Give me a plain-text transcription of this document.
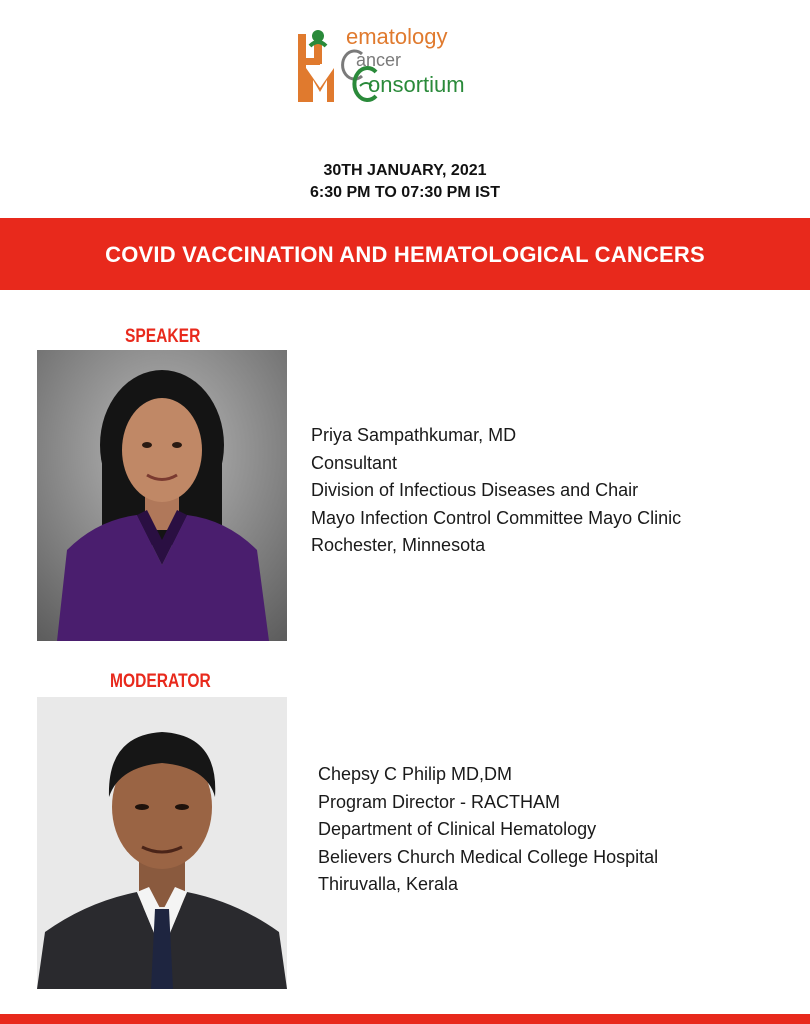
ematology
ancer
onsortium
30TH JANUARY, 2021
6:30 PM TO 07:30 PM IST
COVID VACCINATION AND HEMATOLOGICAL CANCERS
SPEAKER
Priya Sampathkumar, MD
Consultant
Division of Infectious Diseases and Chair
Mayo Infection Control Committee Mayo Clinic
Rochester, Minnesota
MODERATOR
Chepsy C Philip MD,DM
Program Director - RACTHAM
Department of Clinical Hematology
Believers Church Medical College Hospital
Thiruvalla, Kerala
